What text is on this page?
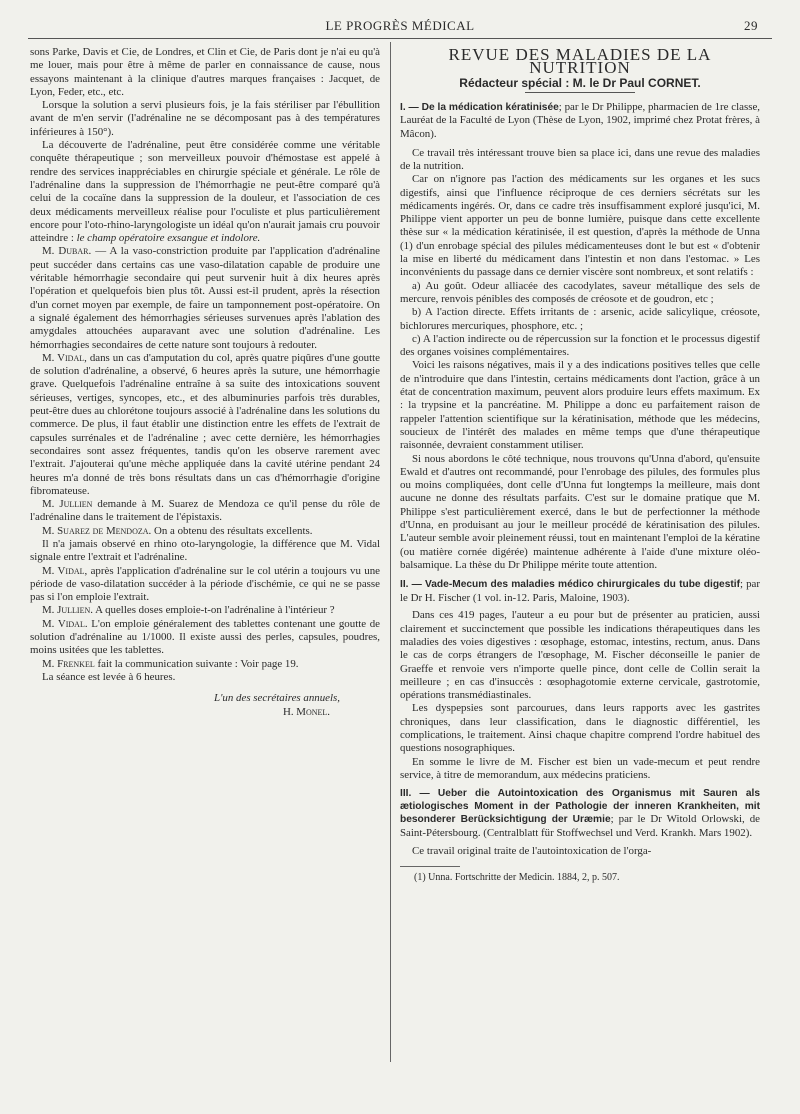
LE PROGRÈS MÉDICAL	29

sons Parke, Davis et Cie, de Londres, et Clin et Cie, de Paris dont je n'ai eu qu'à me louer, mais pour être à même de parler en connaissance de cause, nous essayons maintenant à la clinique d'autres marques françaises : Jacquet, de Lyon, Feder, etc., etc.

Lorsque la solution a servi plusieurs fois, je la fais stériliser par l'ébullition avant de m'en servir (l'adrénaline ne se décomposant pas à des températures inférieures à 150°).

La découverte de l'adrénaline, peut être considérée comme une véritable conquête thérapeutique ; son merveilleux pouvoir d'hémostase est appelé à rendre des services inappréciables en chirurgie spéciale et générale. Le rôle de l'adrénaline dans la suppression de l'hémorrhagie ne peut-être comparé qu'à celui de la cocaïne dans la suppression de la douleur, et l'association de ces deux médicaments merveilleux réalise pour l'oculiste et plus particulièrement encore pour l'oto-rhino-laryngologiste un idéal qu'on n'aurait jamais cru pouvoir atteindre : le champ opératoire exsangue et indolore.

M. Dubar. — A la vaso-constriction produite par l'application d'adrénaline peut succéder dans certains cas une vaso-dilatation capable de produire une véritable hémorrhagie secondaire qui peut survenir huit à dix heures après l'opération et quelquefois bien plus tôt. Aussi est-il prudent, après la résection d'un cornet moyen par exemple, de faire un tamponnement post-opératoire. On a signalé également des hémorrhagies sérieuses survenues après l'ablation des amygdales attouchées auparavant avec une solution d'adrénaline. Les hémorrhagies secondaires de cette nature sont toujours à redouter.

M. Vidal, dans un cas d'amputation du col, après quatre piqûres d'une goutte de solution d'adrénaline, a observé, 6 heures après la suture, une hémorrhagie grave. Quelquefois l'adrénaline entraîne à sa suite des intoxications souvent sérieuses, vertiges, syncopes, etc., et des albuminuries parfois très durables, peut-être dues au chlorétone toujours associé à l'adrénaline dans les solutions du commerce. De plus, il faut établir une distinction entre les effets de l'extrait de capsules surrénales et de l'adrénaline ; avec cette dernière, les hémorrhagies secondaires sont assez fréquentes, tandis qu'on les observe rarement avec l'extrait. J'ajouterai qu'une mèche appliquée dans la cavité utérine pendant 24 heures m'a donné de très bons résultats dans un cas d'hémorrhagie d'origine fibromateuse.

M. Jullien demande à M. Suarez de Mendoza ce qu'il pense du rôle de l'adrénaline dans le traitement de l'épistaxis.

M. Suarez de Mendoza. On a obtenu des résultats excellents.

Il n'a jamais observé en rhino oto-laryngologie, la différence que M. Vidal signale entre l'extrait et l'adrénaline.

M. Vidal, après l'application d'adrénaline sur le col utérin a toujours vu une période de vaso-dilatation succéder à la période d'ischémie, ce qui ne se passe pas si l'on emploie l'extrait.

M. Jullien. A quelles doses emploie-t-on l'adrénaline à l'intérieur ?

M. Vidal. L'on emploie généralement des tablettes contenant une goutte de solution d'adrénaline au 1/1000. Il existe aussi des perles, capsules, poudres, moins usitées que les tablettes.

M. Frenkel fait la communication suivante : Voir page 19.

La séance est levée à 6 heures.

L'un des secrétaires annuels,

H. Monel.

REVUE DES MALADIES DE LA NUTRITION

Rédacteur spécial : M. le Dr Paul CORNET.

I. — De la médication kératinisée; par le Dr Philippe, pharmacien de 1re classe, Lauréat de la Faculté de Lyon (Thèse de Lyon, 1902, imprimé chez Protat frères, à Mâcon).

Ce travail très intéressant trouve bien sa place ici, dans une revue des maladies de la nutrition.

Car on n'ignore pas l'action des médicaments sur les organes et les sucs digestifs, ainsi que l'influence réciproque de ces derniers sécrétats sur les médicaments ingérés. Or, dans ce cadre très insuffisamment exploré jusqu'ici, M. Philippe vient apporter un peu de bonne lumière, puisque dans cette excellente thèse sur « la médication kératinisée, il est question, d'après la méthode de Unna (1) d'un enrobage spécial des pilules médicamenteuses dont le but est « d'obtenir la mise en liberté du médicament dans l'intestin et non dans l'estomac. » Les inconvénients du passage dans ce dernier viscère sont nombreux, et sont relatifs :

a) Au goût. Odeur alliacée des cacodylates, saveur métallique des sels de mercure, renvois pénibles des composés de créosote et de goudron, etc ;

b) A l'action directe. Effets irritants de : arsenic, acide salicylique, créosote, bichlorures mercuriques, phosphore, etc. ;

c) A l'action indirecte ou de répercussion sur la fonction et le processus digestif des organes voisines complémentaires.

Voici les raisons négatives, mais il y a des indications positives telles que celle de n'introduire que dans l'intestin, certains médicaments dont l'action, grâce à un état de concentration maximum, peuvent alors produire leurs effets maximum. Ex : la trypsine et la pancréatine. M. Philippe a donc eu parfaitement raison de rappeler l'attention scientifique sur la kératinisation, méthode que les médecins, soucieux de l'intérêt des malades en même temps que d'une thérapeutique raisonnée, devraient constamment utiliser.

Si nous abordons le côté technique, nous trouvons qu'Unna d'abord, qu'ensuite Ewald et d'autres ont recommandé, pour l'enrobage des pilules, des formules plus ou moins compliquées, dont celle d'Unna fut longtemps la meilleure, mais dont aucune ne donne des résultats parfaits. C'est sur le domaine pratique que M. Philippe s'est particulièrement exercé, dans le but de perfectionner la méthode d'Unna, en produisant au jour le meilleur procédé de kératinisation des pilules. L'auteur semble avoir pleinement réussi, tout en maintenant l'emploi de la kératine (ou matière cornée digérée) maintenue adhérente à l'aide d'une mixture oléo-balsamique. La thèse du Dr Philippe mérite toute attention.

II. — Vade-Mecum des maladies médico chirurgicales du tube digestif; par le Dr H. Fischer (1 vol. in-12. Paris, Maloine, 1903).

Dans ces 419 pages, l'auteur a eu pour but de présenter au praticien, aussi clairement et succinctement que possible les indications thérapeutiques dans les maladies des voies digestives : œsophage, estomac, intestins, rectum, anus. Dans le cas de corps étrangers de l'œsophage, M. Fischer déconseille le panier de Graeffe et renvoie vers n'importe quelle pince, dont celle de Collin serait la meilleure ; en cas d'insuccès : œsophagotomie externe cervicale, gastrotomie, opérations transmédiastinales.

Les dyspepsies sont parcourues, dans leurs rapports avec les gastrites chroniques, dans leur classification, dans le diagnostic différentiel, les complications, le traitement. Ainsi chaque chapitre comprend l'ordre habituel des questions nosographiques.

En somme le livre de M. Fischer est bien un vade-mecum et peut rendre service, à titre de memorandum, aux médecins praticiens.

III. — Ueber die Autointoxication des Organismus mit Sauren als ætiologisches Moment in der Pathologie der inneren Krankheiten, mit besonderer Berücksichtigung der Uræmie; par le Dr Witold Orlowski, de Saint-Pétersbourg. (Centralblatt für Stoffwechsel und Verd. Krankh. Mars 1902).

Ce travail original traite de l'autointoxication de l'orga-

(1) Unna. Fortschritte der Medicin. 1884, 2, p. 507.
